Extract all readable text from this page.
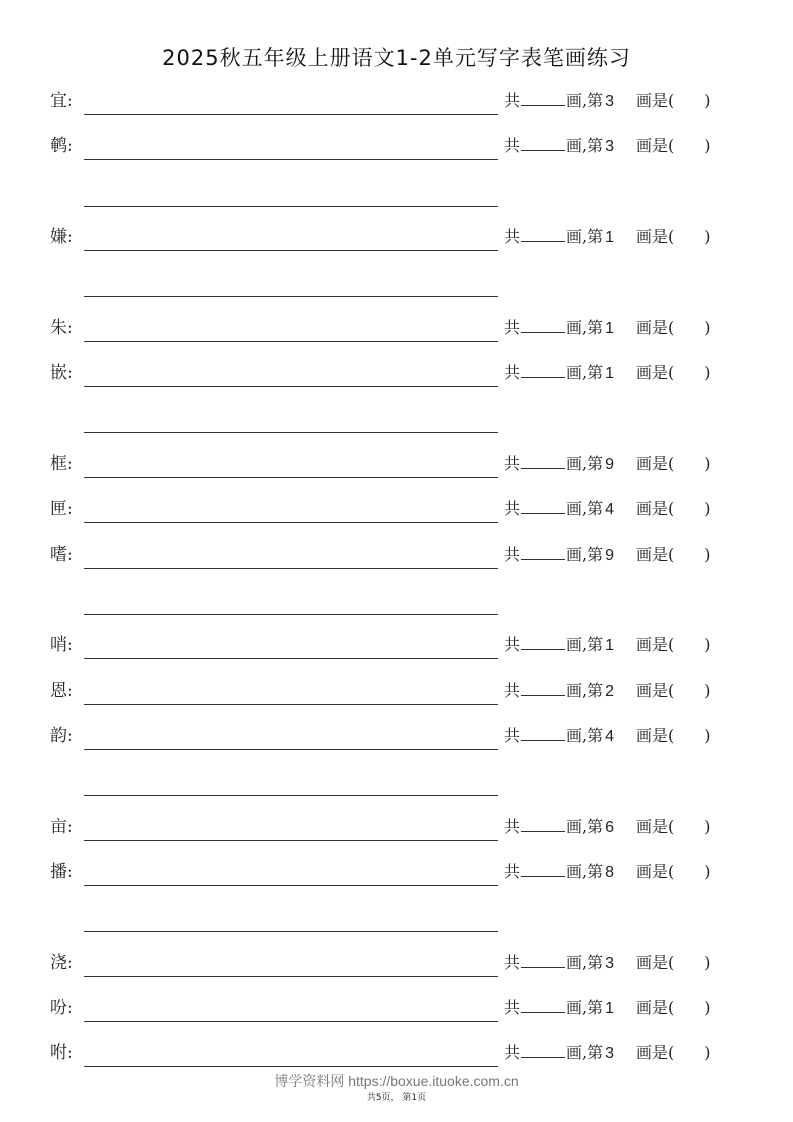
2025秋五年级上册语文1-2单元写字表笔画练习
宜:	共	画,第 3 画是( )
鹌:	共	画,第 3 画是( )
嫌:	共	画,第 1 画是( )
朱:	共	画,第 1 画是( )
嵌:	共	画,第 1 画是( )
框:	共	画,第 9 画是( )
匣:	共	画,第 4 画是( )
嗜:	共	画,第 9 画是( )
哨:	共	画,第 1 画是( )
恩:	共	画,第 2 画是( )
韵:	共	画,第 4 画是( )
亩:	共	画,第 6 画是( )
播:	共	画,第 8 画是( )
浇:	共	画,第 3 画是( )
吩:	共	画,第 1 画是( )
咐:	共	画,第 3 画是( )
博学资料网 https://boxue.ituoke.com.cn
共5页， 第1页
